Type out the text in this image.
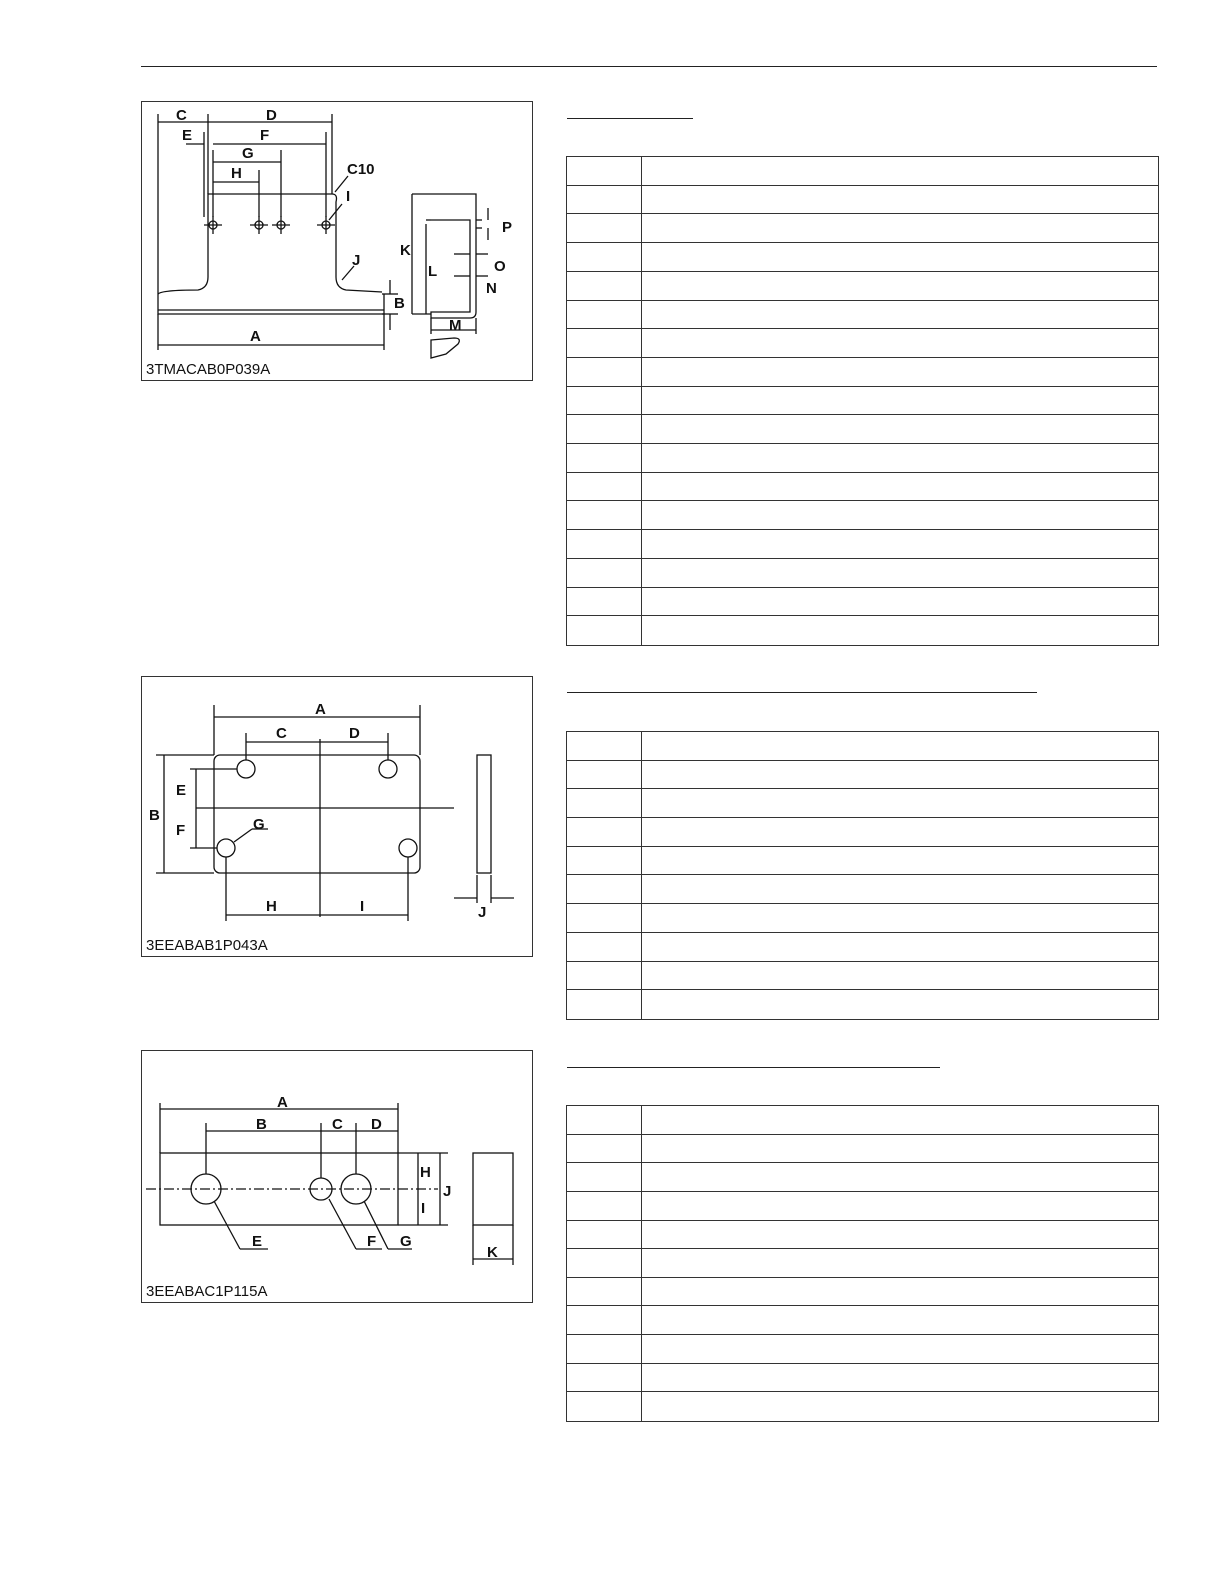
C	D
E	F
G
H	C10
I
J
B
A
K
L
M
N
O
P
3TMACAB0P039A
A
C	D
B
E
F	G
H	I	J
3EEABAB1P043A
A
B	C D
H
I
J
E	F G
K
3EEABAC1P115A
